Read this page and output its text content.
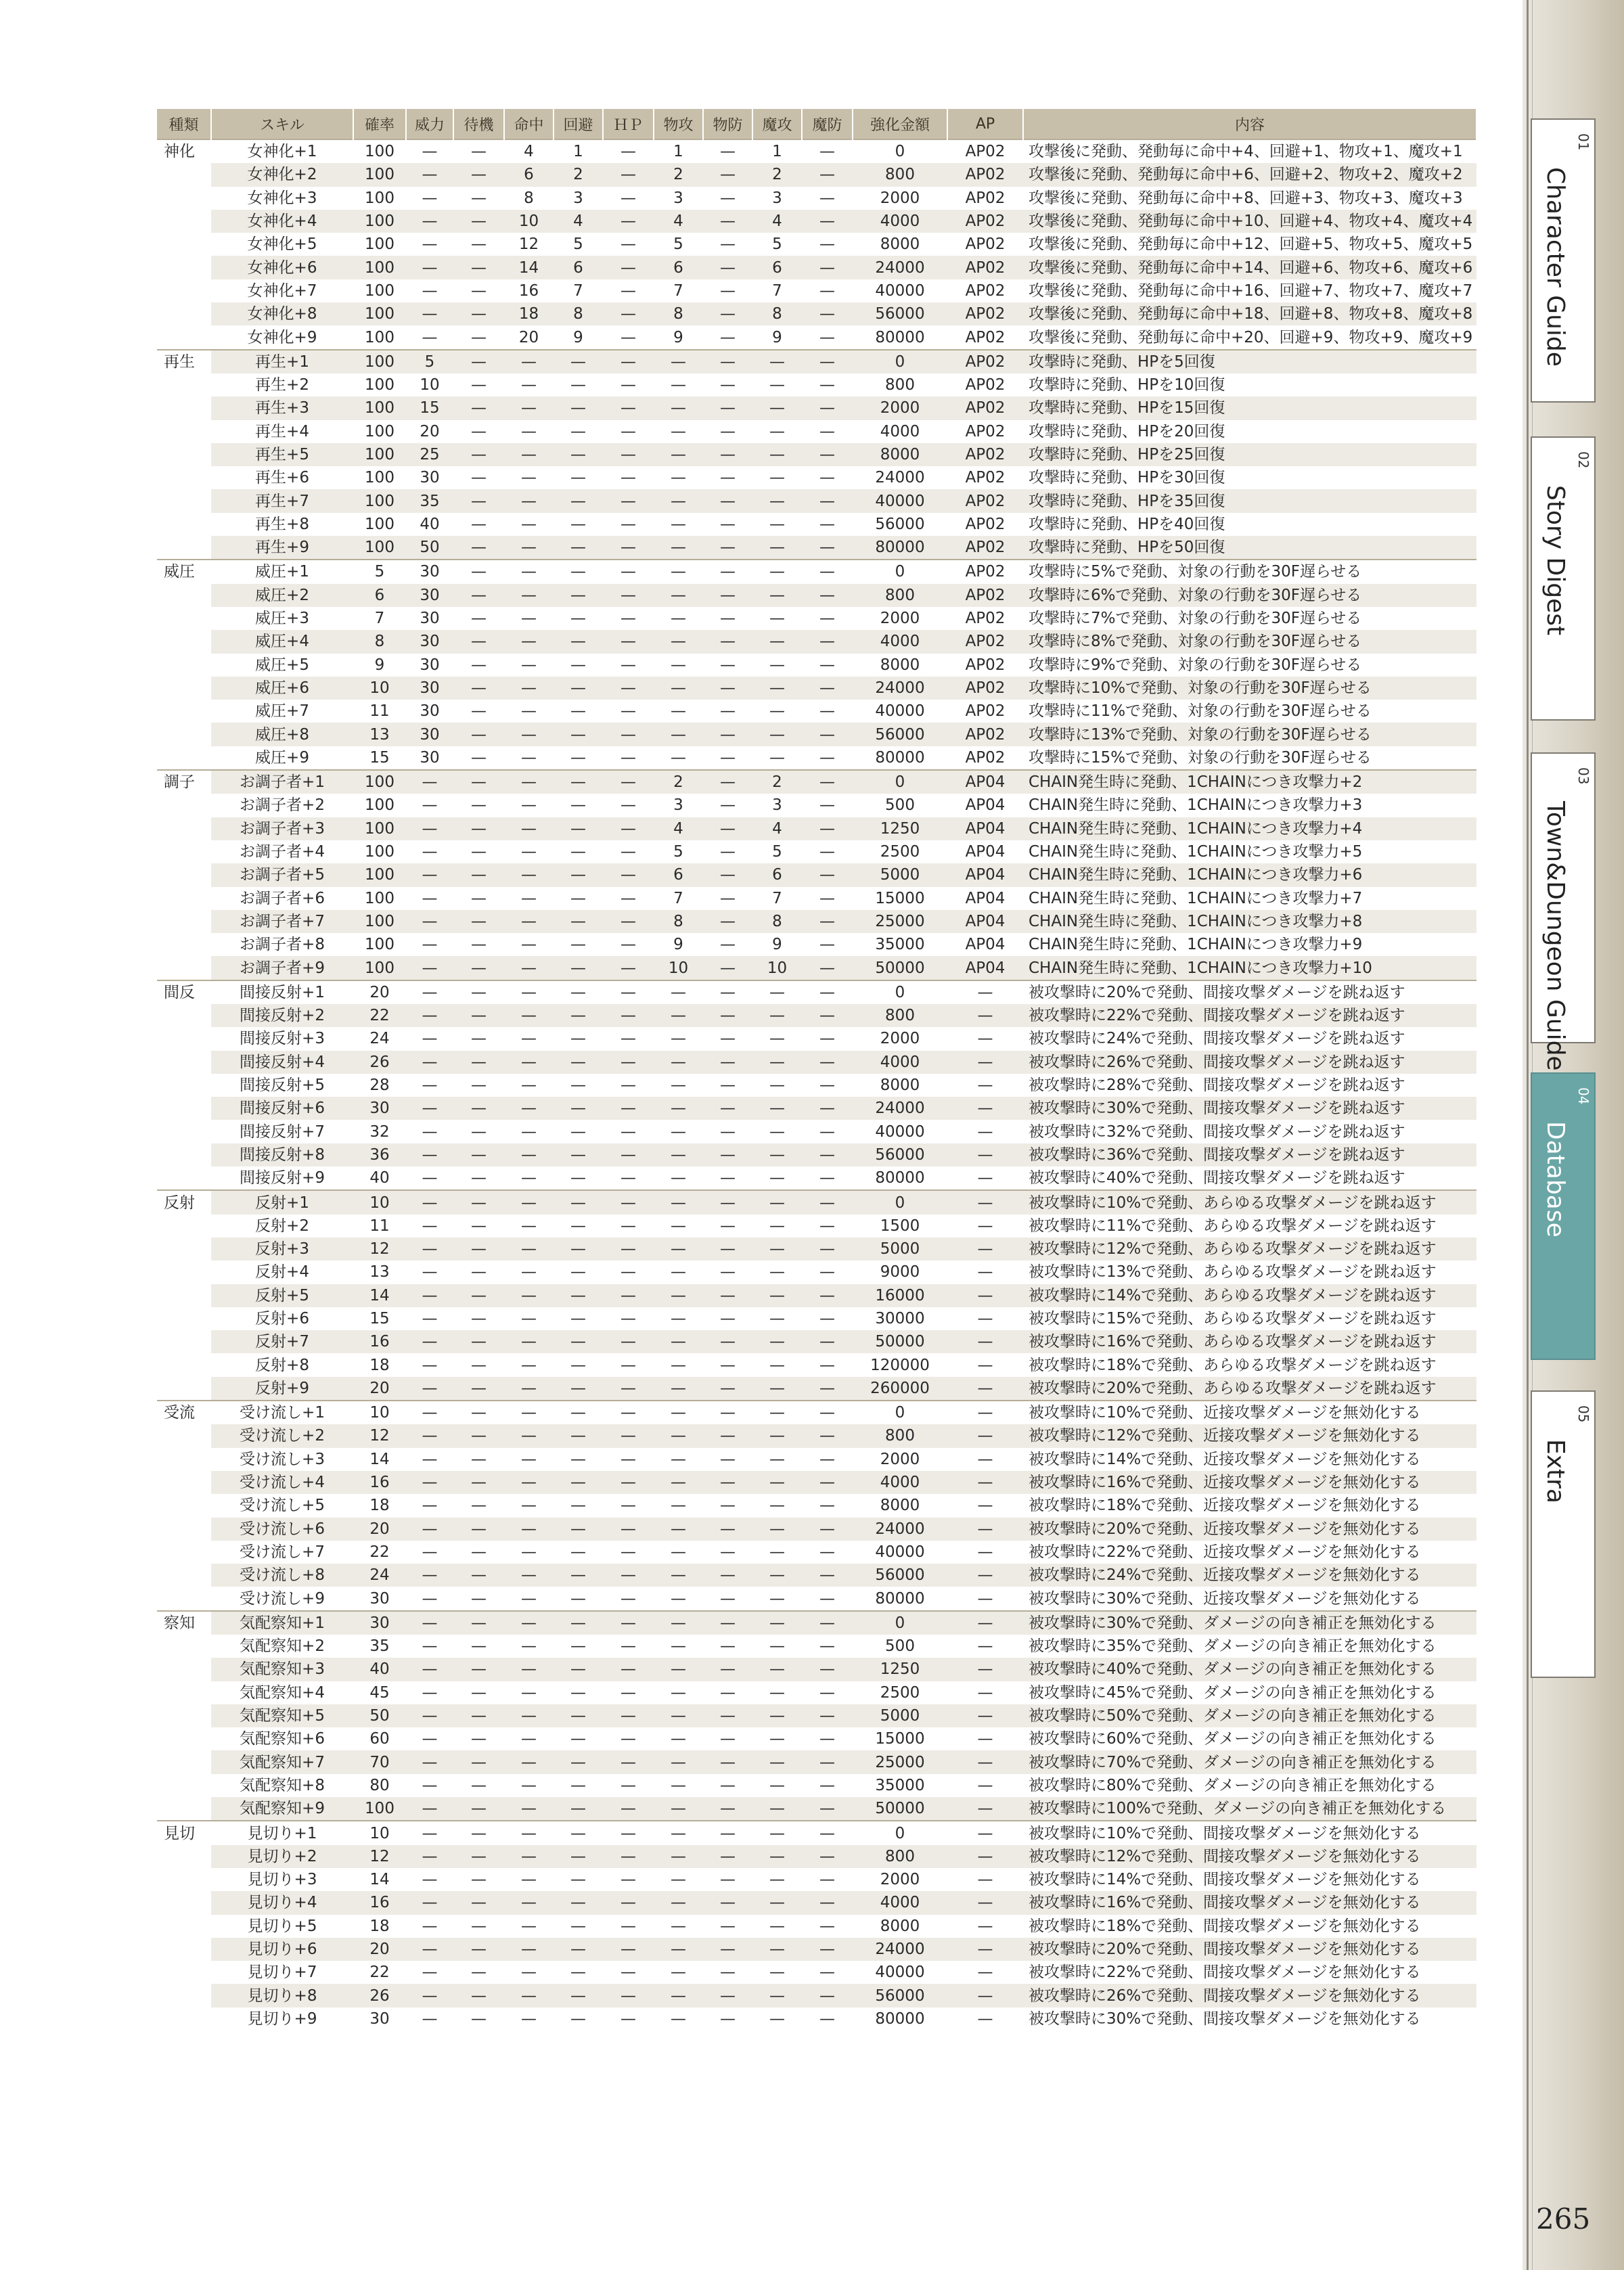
種類	スキル	確率	威力	待機	命中	回避	ＨＰ	物攻	物防	魔攻	魔防	強化金額	AP	内容
神化	女神化+1	100	—	—	4	1	—	1	—	1	—	0	AP02	攻撃後に発動、発動毎に命中+4、回避+1、物攻+1、魔攻+1
	女神化+2	100	—	—	6	2	—	2	—	2	—	800	AP02	攻撃後に発動、発動毎に命中+6、回避+2、物攻+2、魔攻+2
	女神化+3	100	—	—	8	3	—	3	—	3	—	2000	AP02	攻撃後に発動、発動毎に命中+8、回避+3、物攻+3、魔攻+3
	女神化+4	100	—	—	10	4	—	4	—	4	—	4000	AP02	攻撃後に発動、発動毎に命中+10、回避+4、物攻+4、魔攻+4
	女神化+5	100	—	—	12	5	—	5	—	5	—	8000	AP02	攻撃後に発動、発動毎に命中+12、回避+5、物攻+5、魔攻+5
	女神化+6	100	—	—	14	6	—	6	—	6	—	24000	AP02	攻撃後に発動、発動毎に命中+14、回避+6、物攻+6、魔攻+6
	女神化+7	100	—	—	16	7	—	7	—	7	—	40000	AP02	攻撃後に発動、発動毎に命中+16、回避+7、物攻+7、魔攻+7
	女神化+8	100	—	—	18	8	—	8	—	8	—	56000	AP02	攻撃後に発動、発動毎に命中+18、回避+8、物攻+8、魔攻+8
	女神化+9	100	—	—	20	9	—	9	—	9	—	80000	AP02	攻撃後に発動、発動毎に命中+20、回避+9、物攻+9、魔攻+9
再生	再生+1	100	5	—	—	—	—	—	—	—	—	0	AP02	攻撃時に発動、HPを5回復
	再生+2	100	10	—	—	—	—	—	—	—	—	800	AP02	攻撃時に発動、HPを10回復
	再生+3	100	15	—	—	—	—	—	—	—	—	2000	AP02	攻撃時に発動、HPを15回復
	再生+4	100	20	—	—	—	—	—	—	—	—	4000	AP02	攻撃時に発動、HPを20回復
	再生+5	100	25	—	—	—	—	—	—	—	—	8000	AP02	攻撃時に発動、HPを25回復
	再生+6	100	30	—	—	—	—	—	—	—	—	24000	AP02	攻撃時に発動、HPを30回復
	再生+7	100	35	—	—	—	—	—	—	—	—	40000	AP02	攻撃時に発動、HPを35回復
	再生+8	100	40	—	—	—	—	—	—	—	—	56000	AP02	攻撃時に発動、HPを40回復
	再生+9	100	50	—	—	—	—	—	—	—	—	80000	AP02	攻撃時に発動、HPを50回復
威圧	威圧+1	5	30	—	—	—	—	—	—	—	—	0	AP02	攻撃時に5%で発動、対象の行動を30F遅らせる
	威圧+2	6	30	—	—	—	—	—	—	—	—	800	AP02	攻撃時に6%で発動、対象の行動を30F遅らせる
	威圧+3	7	30	—	—	—	—	—	—	—	—	2000	AP02	攻撃時に7%で発動、対象の行動を30F遅らせる
	威圧+4	8	30	—	—	—	—	—	—	—	—	4000	AP02	攻撃時に8%で発動、対象の行動を30F遅らせる
	威圧+5	9	30	—	—	—	—	—	—	—	—	8000	AP02	攻撃時に9%で発動、対象の行動を30F遅らせる
	威圧+6	10	30	—	—	—	—	—	—	—	—	24000	AP02	攻撃時に10%で発動、対象の行動を30F遅らせる
	威圧+7	11	30	—	—	—	—	—	—	—	—	40000	AP02	攻撃時に11%で発動、対象の行動を30F遅らせる
	威圧+8	13	30	—	—	—	—	—	—	—	—	56000	AP02	攻撃時に13%で発動、対象の行動を30F遅らせる
	威圧+9	15	30	—	—	—	—	—	—	—	—	80000	AP02	攻撃時に15%で発動、対象の行動を30F遅らせる
調子	お調子者+1	100	—	—	—	—	—	2	—	2	—	0	AP04	CHAIN発生時に発動、1CHAINにつき攻撃力+2
	お調子者+2	100	—	—	—	—	—	3	—	3	—	500	AP04	CHAIN発生時に発動、1CHAINにつき攻撃力+3
	お調子者+3	100	—	—	—	—	—	4	—	4	—	1250	AP04	CHAIN発生時に発動、1CHAINにつき攻撃力+4
	お調子者+4	100	—	—	—	—	—	5	—	5	—	2500	AP04	CHAIN発生時に発動、1CHAINにつき攻撃力+5
	お調子者+5	100	—	—	—	—	—	6	—	6	—	5000	AP04	CHAIN発生時に発動、1CHAINにつき攻撃力+6
	お調子者+6	100	—	—	—	—	—	7	—	7	—	15000	AP04	CHAIN発生時に発動、1CHAINにつき攻撃力+7
	お調子者+7	100	—	—	—	—	—	8	—	8	—	25000	AP04	CHAIN発生時に発動、1CHAINにつき攻撃力+8
	お調子者+8	100	—	—	—	—	—	9	—	9	—	35000	AP04	CHAIN発生時に発動、1CHAINにつき攻撃力+9
	お調子者+9	100	—	—	—	—	—	10	—	10	—	50000	AP04	CHAIN発生時に発動、1CHAINにつき攻撃力+10
間反	間接反射+1	20	—	—	—	—	—	—	—	—	—	0	—	被攻撃時に20%で発動、間接攻撃ダメージを跳ね返す
	間接反射+2	22	—	—	—	—	—	—	—	—	—	800	—	被攻撃時に22%で発動、間接攻撃ダメージを跳ね返す
	間接反射+3	24	—	—	—	—	—	—	—	—	—	2000	—	被攻撃時に24%で発動、間接攻撃ダメージを跳ね返す
	間接反射+4	26	—	—	—	—	—	—	—	—	—	4000	—	被攻撃時に26%で発動、間接攻撃ダメージを跳ね返す
	間接反射+5	28	—	—	—	—	—	—	—	—	—	8000	—	被攻撃時に28%で発動、間接攻撃ダメージを跳ね返す
	間接反射+6	30	—	—	—	—	—	—	—	—	—	24000	—	被攻撃時に30%で発動、間接攻撃ダメージを跳ね返す
	間接反射+7	32	—	—	—	—	—	—	—	—	—	40000	—	被攻撃時に32%で発動、間接攻撃ダメージを跳ね返す
	間接反射+8	36	—	—	—	—	—	—	—	—	—	56000	—	被攻撃時に36%で発動、間接攻撃ダメージを跳ね返す
	間接反射+9	40	—	—	—	—	—	—	—	—	—	80000	—	被攻撃時に40%で発動、間接攻撃ダメージを跳ね返す
反射	反射+1	10	—	—	—	—	—	—	—	—	—	0	—	被攻撃時に10%で発動、あらゆる攻撃ダメージを跳ね返す
	反射+2	11	—	—	—	—	—	—	—	—	—	1500	—	被攻撃時に11%で発動、あらゆる攻撃ダメージを跳ね返す
	反射+3	12	—	—	—	—	—	—	—	—	—	5000	—	被攻撃時に12%で発動、あらゆる攻撃ダメージを跳ね返す
	反射+4	13	—	—	—	—	—	—	—	—	—	9000	—	被攻撃時に13%で発動、あらゆる攻撃ダメージを跳ね返す
	反射+5	14	—	—	—	—	—	—	—	—	—	16000	—	被攻撃時に14%で発動、あらゆる攻撃ダメージを跳ね返す
	反射+6	15	—	—	—	—	—	—	—	—	—	30000	—	被攻撃時に15%で発動、あらゆる攻撃ダメージを跳ね返す
	反射+7	16	—	—	—	—	—	—	—	—	—	50000	—	被攻撃時に16%で発動、あらゆる攻撃ダメージを跳ね返す
	反射+8	18	—	—	—	—	—	—	—	—	—	120000	—	被攻撃時に18%で発動、あらゆる攻撃ダメージを跳ね返す
	反射+9	20	—	—	—	—	—	—	—	—	—	260000	—	被攻撃時に20%で発動、あらゆる攻撃ダメージを跳ね返す
受流	受け流し+1	10	—	—	—	—	—	—	—	—	—	0	—	被攻撃時に10%で発動、近接攻撃ダメージを無効化する
	受け流し+2	12	—	—	—	—	—	—	—	—	—	800	—	被攻撃時に12%で発動、近接攻撃ダメージを無効化する
	受け流し+3	14	—	—	—	—	—	—	—	—	—	2000	—	被攻撃時に14%で発動、近接攻撃ダメージを無効化する
	受け流し+4	16	—	—	—	—	—	—	—	—	—	4000	—	被攻撃時に16%で発動、近接攻撃ダメージを無効化する
	受け流し+5	18	—	—	—	—	—	—	—	—	—	8000	—	被攻撃時に18%で発動、近接攻撃ダメージを無効化する
	受け流し+6	20	—	—	—	—	—	—	—	—	—	24000	—	被攻撃時に20%で発動、近接攻撃ダメージを無効化する
	受け流し+7	22	—	—	—	—	—	—	—	—	—	40000	—	被攻撃時に22%で発動、近接攻撃ダメージを無効化する
	受け流し+8	24	—	—	—	—	—	—	—	—	—	56000	—	被攻撃時に24%で発動、近接攻撃ダメージを無効化する
	受け流し+9	30	—	—	—	—	—	—	—	—	—	80000	—	被攻撃時に30%で発動、近接攻撃ダメージを無効化する
察知	気配察知+1	30	—	—	—	—	—	—	—	—	—	0	—	被攻撃時に30%で発動、ダメージの向き補正を無効化する
	気配察知+2	35	—	—	—	—	—	—	—	—	—	500	—	被攻撃時に35%で発動、ダメージの向き補正を無効化する
	気配察知+3	40	—	—	—	—	—	—	—	—	—	1250	—	被攻撃時に40%で発動、ダメージの向き補正を無効化する
	気配察知+4	45	—	—	—	—	—	—	—	—	—	2500	—	被攻撃時に45%で発動、ダメージの向き補正を無効化する
	気配察知+5	50	—	—	—	—	—	—	—	—	—	5000	—	被攻撃時に50%で発動、ダメージの向き補正を無効化する
	気配察知+6	60	—	—	—	—	—	—	—	—	—	15000	—	被攻撃時に60%で発動、ダメージの向き補正を無効化する
	気配察知+7	70	—	—	—	—	—	—	—	—	—	25000	—	被攻撃時に70%で発動、ダメージの向き補正を無効化する
	気配察知+8	80	—	—	—	—	—	—	—	—	—	35000	—	被攻撃時に80%で発動、ダメージの向き補正を無効化する
	気配察知+9	100	—	—	—	—	—	—	—	—	—	50000	—	被攻撃時に100%で発動、ダメージの向き補正を無効化する
見切	見切り+1	10	—	—	—	—	—	—	—	—	—	0	—	被攻撃時に10%で発動、間接攻撃ダメージを無効化する
	見切り+2	12	—	—	—	—	—	—	—	—	—	800	—	被攻撃時に12%で発動、間接攻撃ダメージを無効化する
	見切り+3	14	—	—	—	—	—	—	—	—	—	2000	—	被攻撃時に14%で発動、間接攻撃ダメージを無効化する
	見切り+4	16	—	—	—	—	—	—	—	—	—	4000	—	被攻撃時に16%で発動、間接攻撃ダメージを無効化する
	見切り+5	18	—	—	—	—	—	—	—	—	—	8000	—	被攻撃時に18%で発動、間接攻撃ダメージを無効化する
	見切り+6	20	—	—	—	—	—	—	—	—	—	24000	—	被攻撃時に20%で発動、間接攻撃ダメージを無効化する
	見切り+7	22	—	—	—	—	—	—	—	—	—	40000	—	被攻撃時に22%で発動、間接攻撃ダメージを無効化する
	見切り+8	26	—	—	—	—	—	—	—	—	—	56000	—	被攻撃時に26%で発動、間接攻撃ダメージを無効化する
	見切り+9	30	—	—	—	—	—	—	—	—	—	80000	—	被攻撃時に30%で発動、間接攻撃ダメージを無効化する
01
Character Guide
02
Story Digest
03
Town&Dungeon Guide
04
Database
05
Extra
265
